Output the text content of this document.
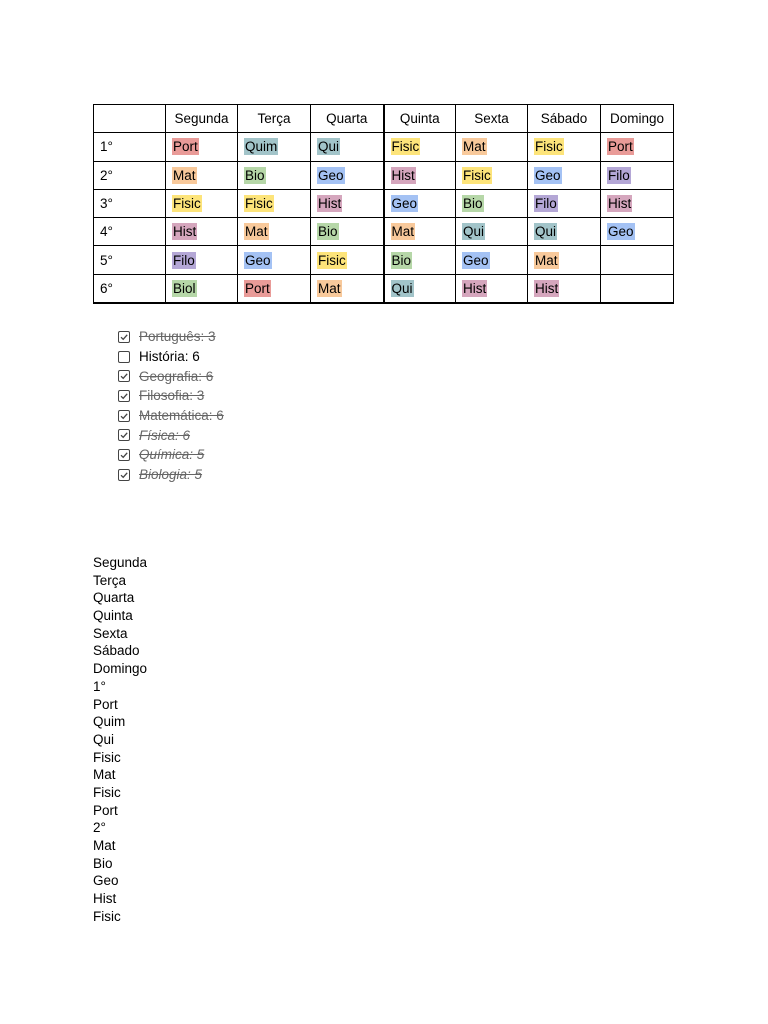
	Segunda	Terça	Quarta	Quinta	Sexta	Sábado	Domingo
1°	Port	Quim	Qui	Fisic	Mat	Fisic	Port
2°	Mat	Bio	Geo	Hist	Fisic	Geo	Filo
3°	Fisic	Fisic	Hist	Geo	Bio	Filo	Hist
4°	Hist	Mat	Bio	Mat	Qui	Qui	Geo
5°	Filo	Geo	Fisic	Bio	Geo	Mat	
6°	Biol	Port	Mat	Qui	Hist	Hist	
Português: 3
História: 6
Geografia: 6
Filosofia: 3
Matemática: 6
Física: 6
Química: 5
Biologia: 5
Segunda
Terça
Quarta
Quinta
Sexta
Sábado
Domingo
1°
Port
Quim
Qui
Fisic
Mat
Fisic
Port
2°
Mat
Bio
Geo
Hist
Fisic
